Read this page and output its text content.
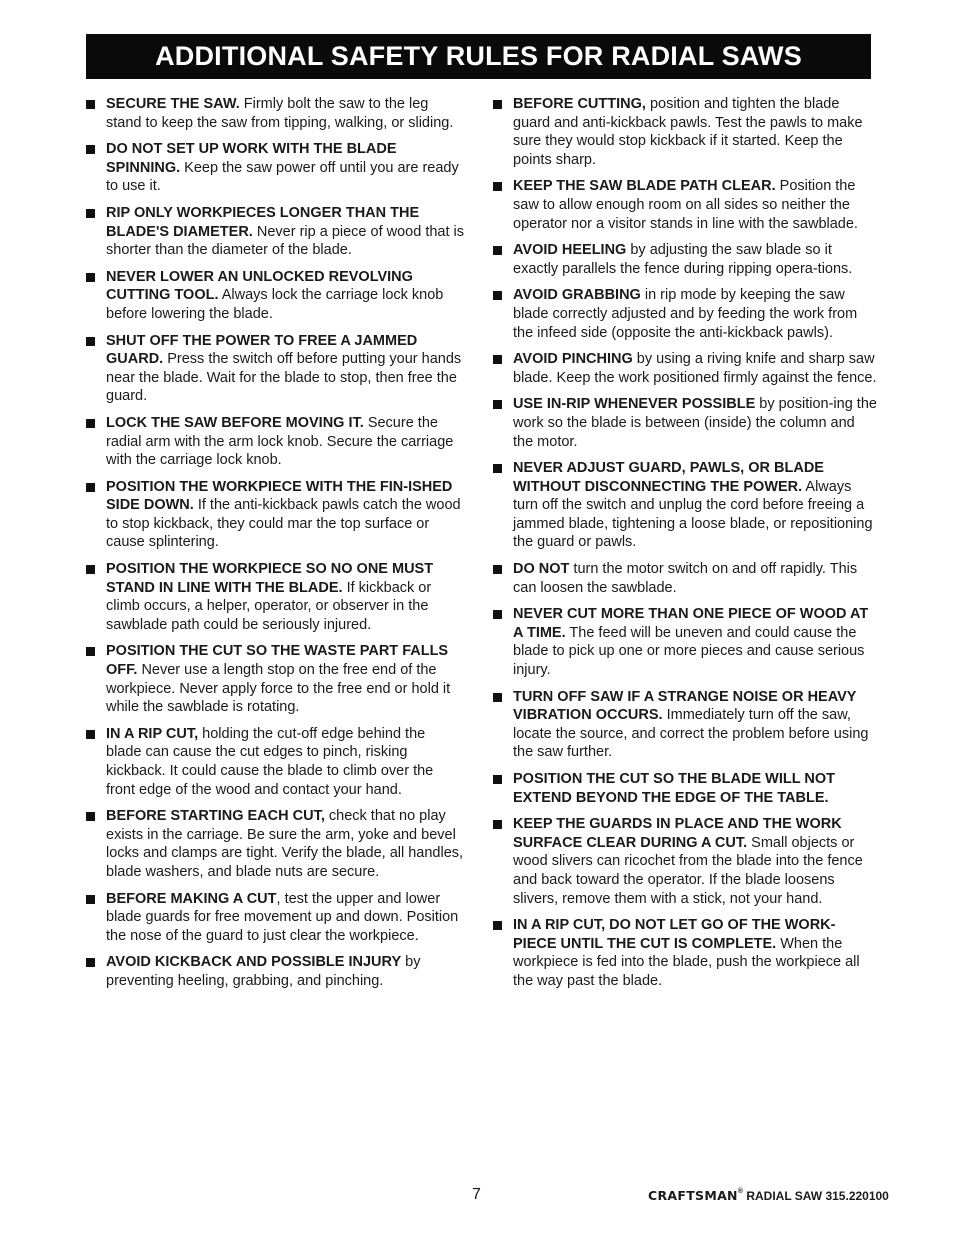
ADDITIONAL SAFETY RULES FOR RADIAL SAWS
SECURE THE SAW. Firmly bolt the saw to the leg stand to keep the saw from tipping, walking, or sliding.
DO NOT SET UP WORK WITH THE BLADE SPINNING. Keep the saw power off until you are ready to use it.
RIP ONLY WORKPIECES LONGER THAN THE BLADE'S DIAMETER. Never rip a piece of wood that is shorter than the diameter of the blade.
NEVER LOWER AN UNLOCKED REVOLVING CUTTING TOOL. Always lock the carriage lock knob before lowering the blade.
SHUT OFF THE POWER TO FREE A JAMMED GUARD. Press the switch off before putting your hands near the blade. Wait for the blade to stop, then free the guard.
LOCK THE SAW BEFORE MOVING IT. Secure the radial arm with the arm lock knob. Secure the carriage with the carriage lock knob.
POSITION THE WORKPIECE WITH THE FIN-ISHED SIDE DOWN. If the anti-kickback pawls catch the wood to stop kickback, they could mar the top surface or cause splintering.
POSITION THE WORKPIECE SO NO ONE MUST STAND IN LINE WITH THE BLADE. If kickback or climb occurs, a helper, operator, or observer in the sawblade path could be seriously injured.
POSITION THE CUT SO THE WASTE PART FALLS OFF. Never use a length stop on the free end of the workpiece. Never apply force to the free end or hold it while the sawblade is rotating.
IN A RIP CUT, holding the cut-off edge behind the blade can cause the cut edges to pinch, risking kickback. It could cause the blade to climb over the front edge of the wood and contact your hand.
BEFORE STARTING EACH CUT, check that no play exists in the carriage. Be sure the arm, yoke and bevel locks and clamps are tight. Verify the blade, all handles, blade washers, and blade nuts are secure.
BEFORE MAKING A CUT, test the upper and lower blade guards for free movement up and down. Position the nose of the guard to just clear the workpiece.
AVOID KICKBACK AND POSSIBLE INJURY by preventing heeling, grabbing, and pinching.
BEFORE CUTTING, position and tighten the blade guard and anti-kickback pawls. Test the pawls to make sure they would stop kickback if it started. Keep the points sharp.
KEEP THE SAW BLADE PATH CLEAR. Position the saw to allow enough room on all sides so neither the operator nor a visitor stands in line with the sawblade.
AVOID HEELING by adjusting the saw blade so it exactly parallels the fence during ripping opera-tions.
AVOID GRABBING in rip mode by keeping the saw blade correctly adjusted and by feeding the work from the infeed side (opposite the anti-kickback pawls).
AVOID PINCHING by using a riving knife and sharp saw blade. Keep the work positioned firmly against the fence.
USE IN-RIP WHENEVER POSSIBLE by position-ing the work so the blade is between (inside) the column and the motor.
NEVER ADJUST GUARD, PAWLS, OR BLADE WITHOUT DISCONNECTING THE POWER. Always turn off the switch and unplug the cord before freeing a jammed blade, tightening a loose blade, or repositioning the guard or pawls.
DO NOT turn the motor switch on and off rapidly. This can loosen the sawblade.
NEVER CUT MORE THAN ONE PIECE OF WOOD AT A TIME. The feed will be uneven and could cause the blade to pick up one or more pieces and cause serious injury.
TURN OFF SAW IF A STRANGE NOISE OR HEAVY VIBRATION OCCURS. Immediately turn off the saw, locate the source, and correct the problem before using the saw further.
POSITION THE CUT SO THE BLADE WILL NOT EXTEND BEYOND THE EDGE OF THE TABLE.
KEEP THE GUARDS IN PLACE AND THE WORK SURFACE CLEAR DURING A CUT. Small objects or wood slivers can ricochet from the blade into the fence and back toward the operator. If the blade loosens slivers, remove them with a stick, not your hand.
IN A RIP CUT, DO NOT LET GO OF THE WORK-PIECE UNTIL THE CUT IS COMPLETE. When the workpiece is fed into the blade, push the workpiece all the way past the blade.
7	CRAFTSMAN® RADIAL SAW 315.220100
